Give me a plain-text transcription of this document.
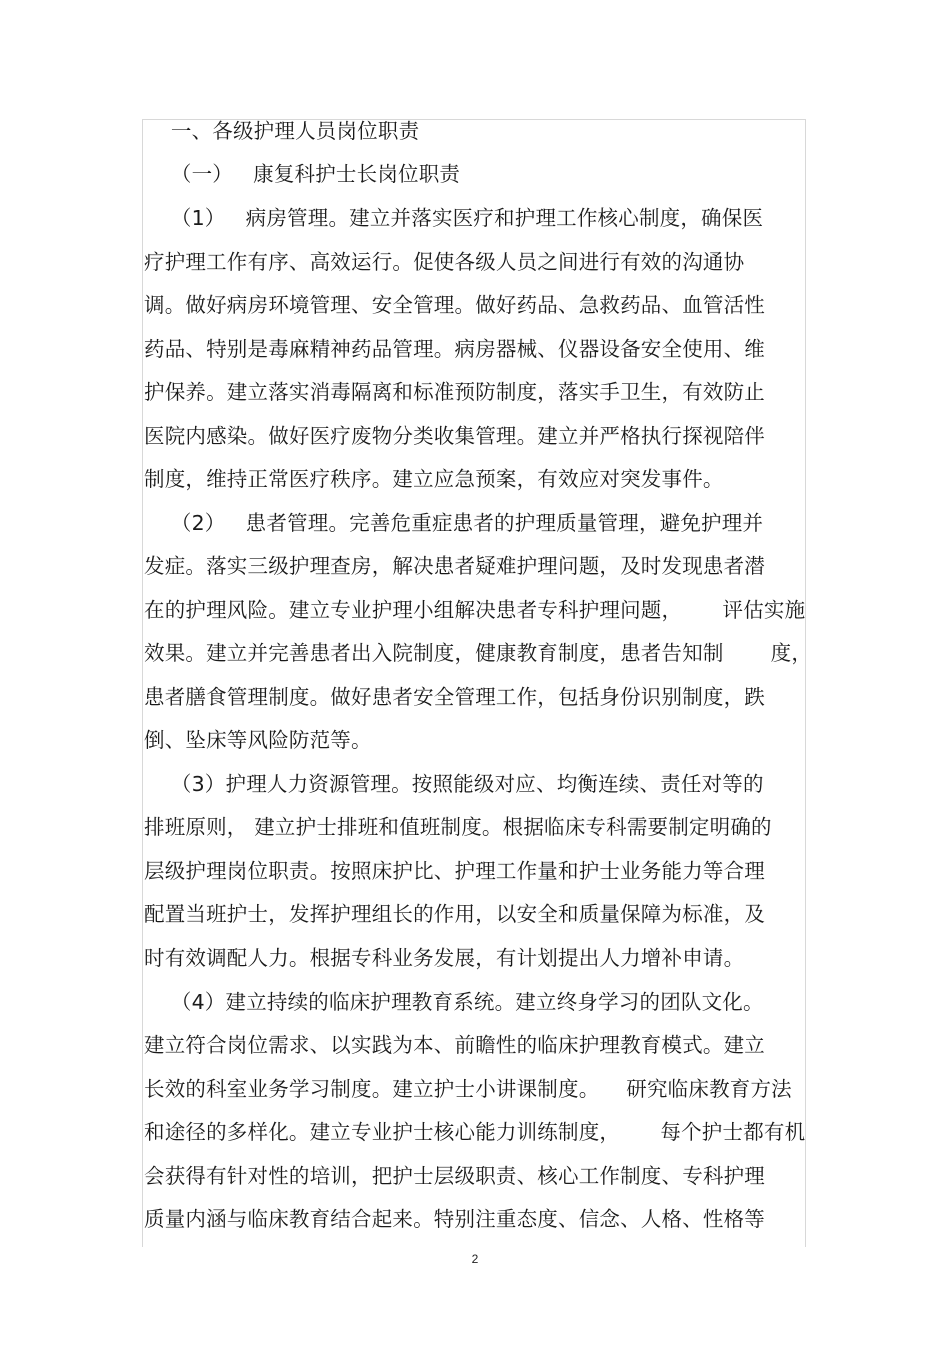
一、各级护理人员岗位职责
（一）   康复科护士长岗位职责
（1）   病房管理。建立并落实医疗和护理工作核心制度，确保医
疗护理工作有序、高效运行。促使各级人员之间进行有效的沟通协
调。做好病房环境管理、安全管理。做好药品、急救药品、血管活性
药品、特别是毒麻精神药品管理。病房器械、仪器设备安全使用、维
护保养。建立落实消毒隔离和标准预防制度，落实手卫生，有效防止
医院内感染。做好医疗废物分类收集管理。建立并严格执行探视陪伴
制度，维持正常医疗秩序。建立应急预案，有效应对突发事件。
（2）   患者管理。完善危重症患者的护理质量管理，避免护理并
发症。落实三级护理查房，解决患者疑难护理问题，及时发现患者潜
在的护理风险。建立专业护理小组解决患者专科护理问题，      评估实施
效果。建立并完善患者出入院制度，健康教育制度，患者告知制       度，
患者膳食管理制度。做好患者安全管理工作，包括身份识别制度，跌
倒、坠床等风险防范等。
（3）护理人力资源管理。按照能级对应、均衡连续、责任对等的
排班原则， 建立护士排班和值班制度。根据临床专科需要制定明确的
层级护理岗位职责。按照床护比、护理工作量和护士业务能力等合理
配置当班护士，发挥护理组长的作用，以安全和质量保障为标准，及
时有效调配人力。根据专科业务发展，有计划提出人力增补申请。
（4）建立持续的临床护理教育系统。建立终身学习的团队文化。
建立符合岗位需求、以实践为本、前瞻性的临床护理教育模式。建立
长效的科室业务学习制度。建立护士小讲课制度。    研究临床教育方法
和途径的多样化。建立专业护士核心能力训练制度，      每个护士都有机
会获得有针对性的培训，把护士层级职责、核心工作制度、专科护理
质量内涵与临床教育结合起来。特别注重态度、信念、人格、性格等
2
